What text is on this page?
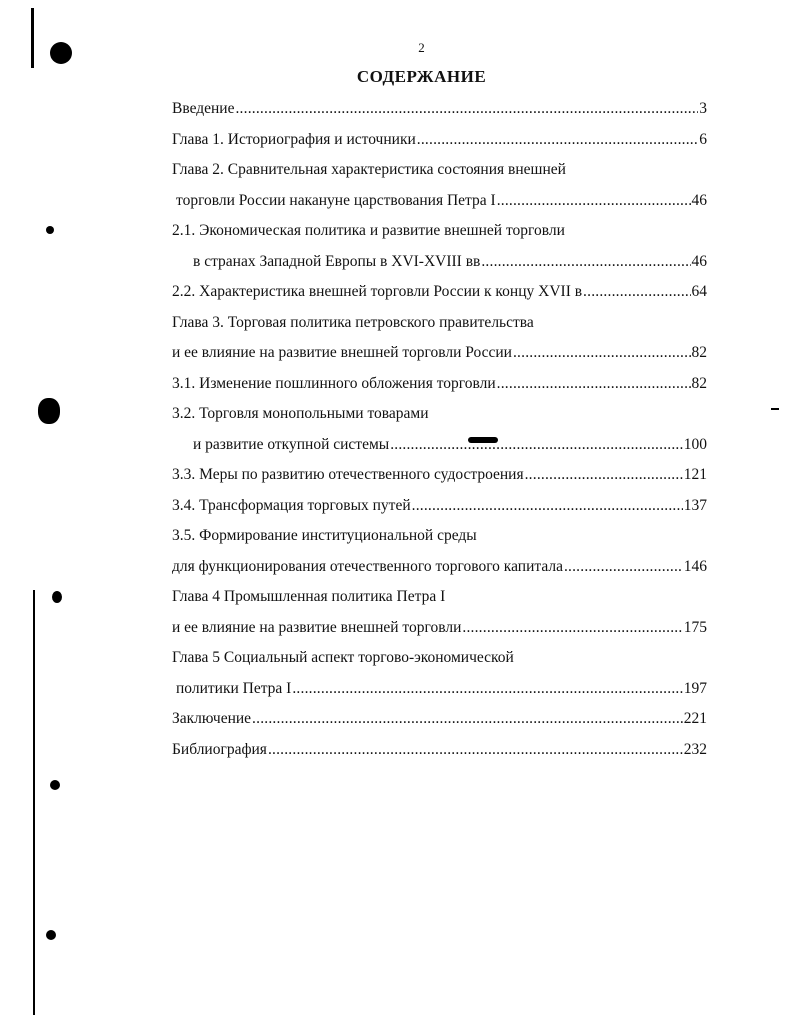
2
СОДЕРЖАНИЕ
Введение .....	3
Глава 1. Историография и источники .....	6
Глава 2. Сравнительная характеристика состояния внешней
торговли России накануне царствования Петра I .....	46
2.1. Экономическая политика и развитие внешней торговли
в странах Западной Европы в XVI-XVIII вв .....	46
2.2. Характеристика внешней торговли России к концу XVII в .....	64
Глава 3. Торговая политика петровского правительства
и ее влияние на развитие внешней торговли России .....	82
3.1. Изменение пошлинного обложения торговли .....	82
3.2. Торговля монопольными товарами
и развитие откупной системы .....	100
3.3. Меры по развитию отечественного судостроения .....	121
3.4. Трансформация торговых путей .....	137
3.5. Формирование институциональной среды
для функционирования отечественного торгового капитала .....	146
Глава 4 Промышленная политика Петра I
и ее влияние на развитие внешней торговли .....	175
Глава 5 Социальный аспект торгово-экономической
политики Петра I .....	197
Заключение .....	221
Библиография .....	232
